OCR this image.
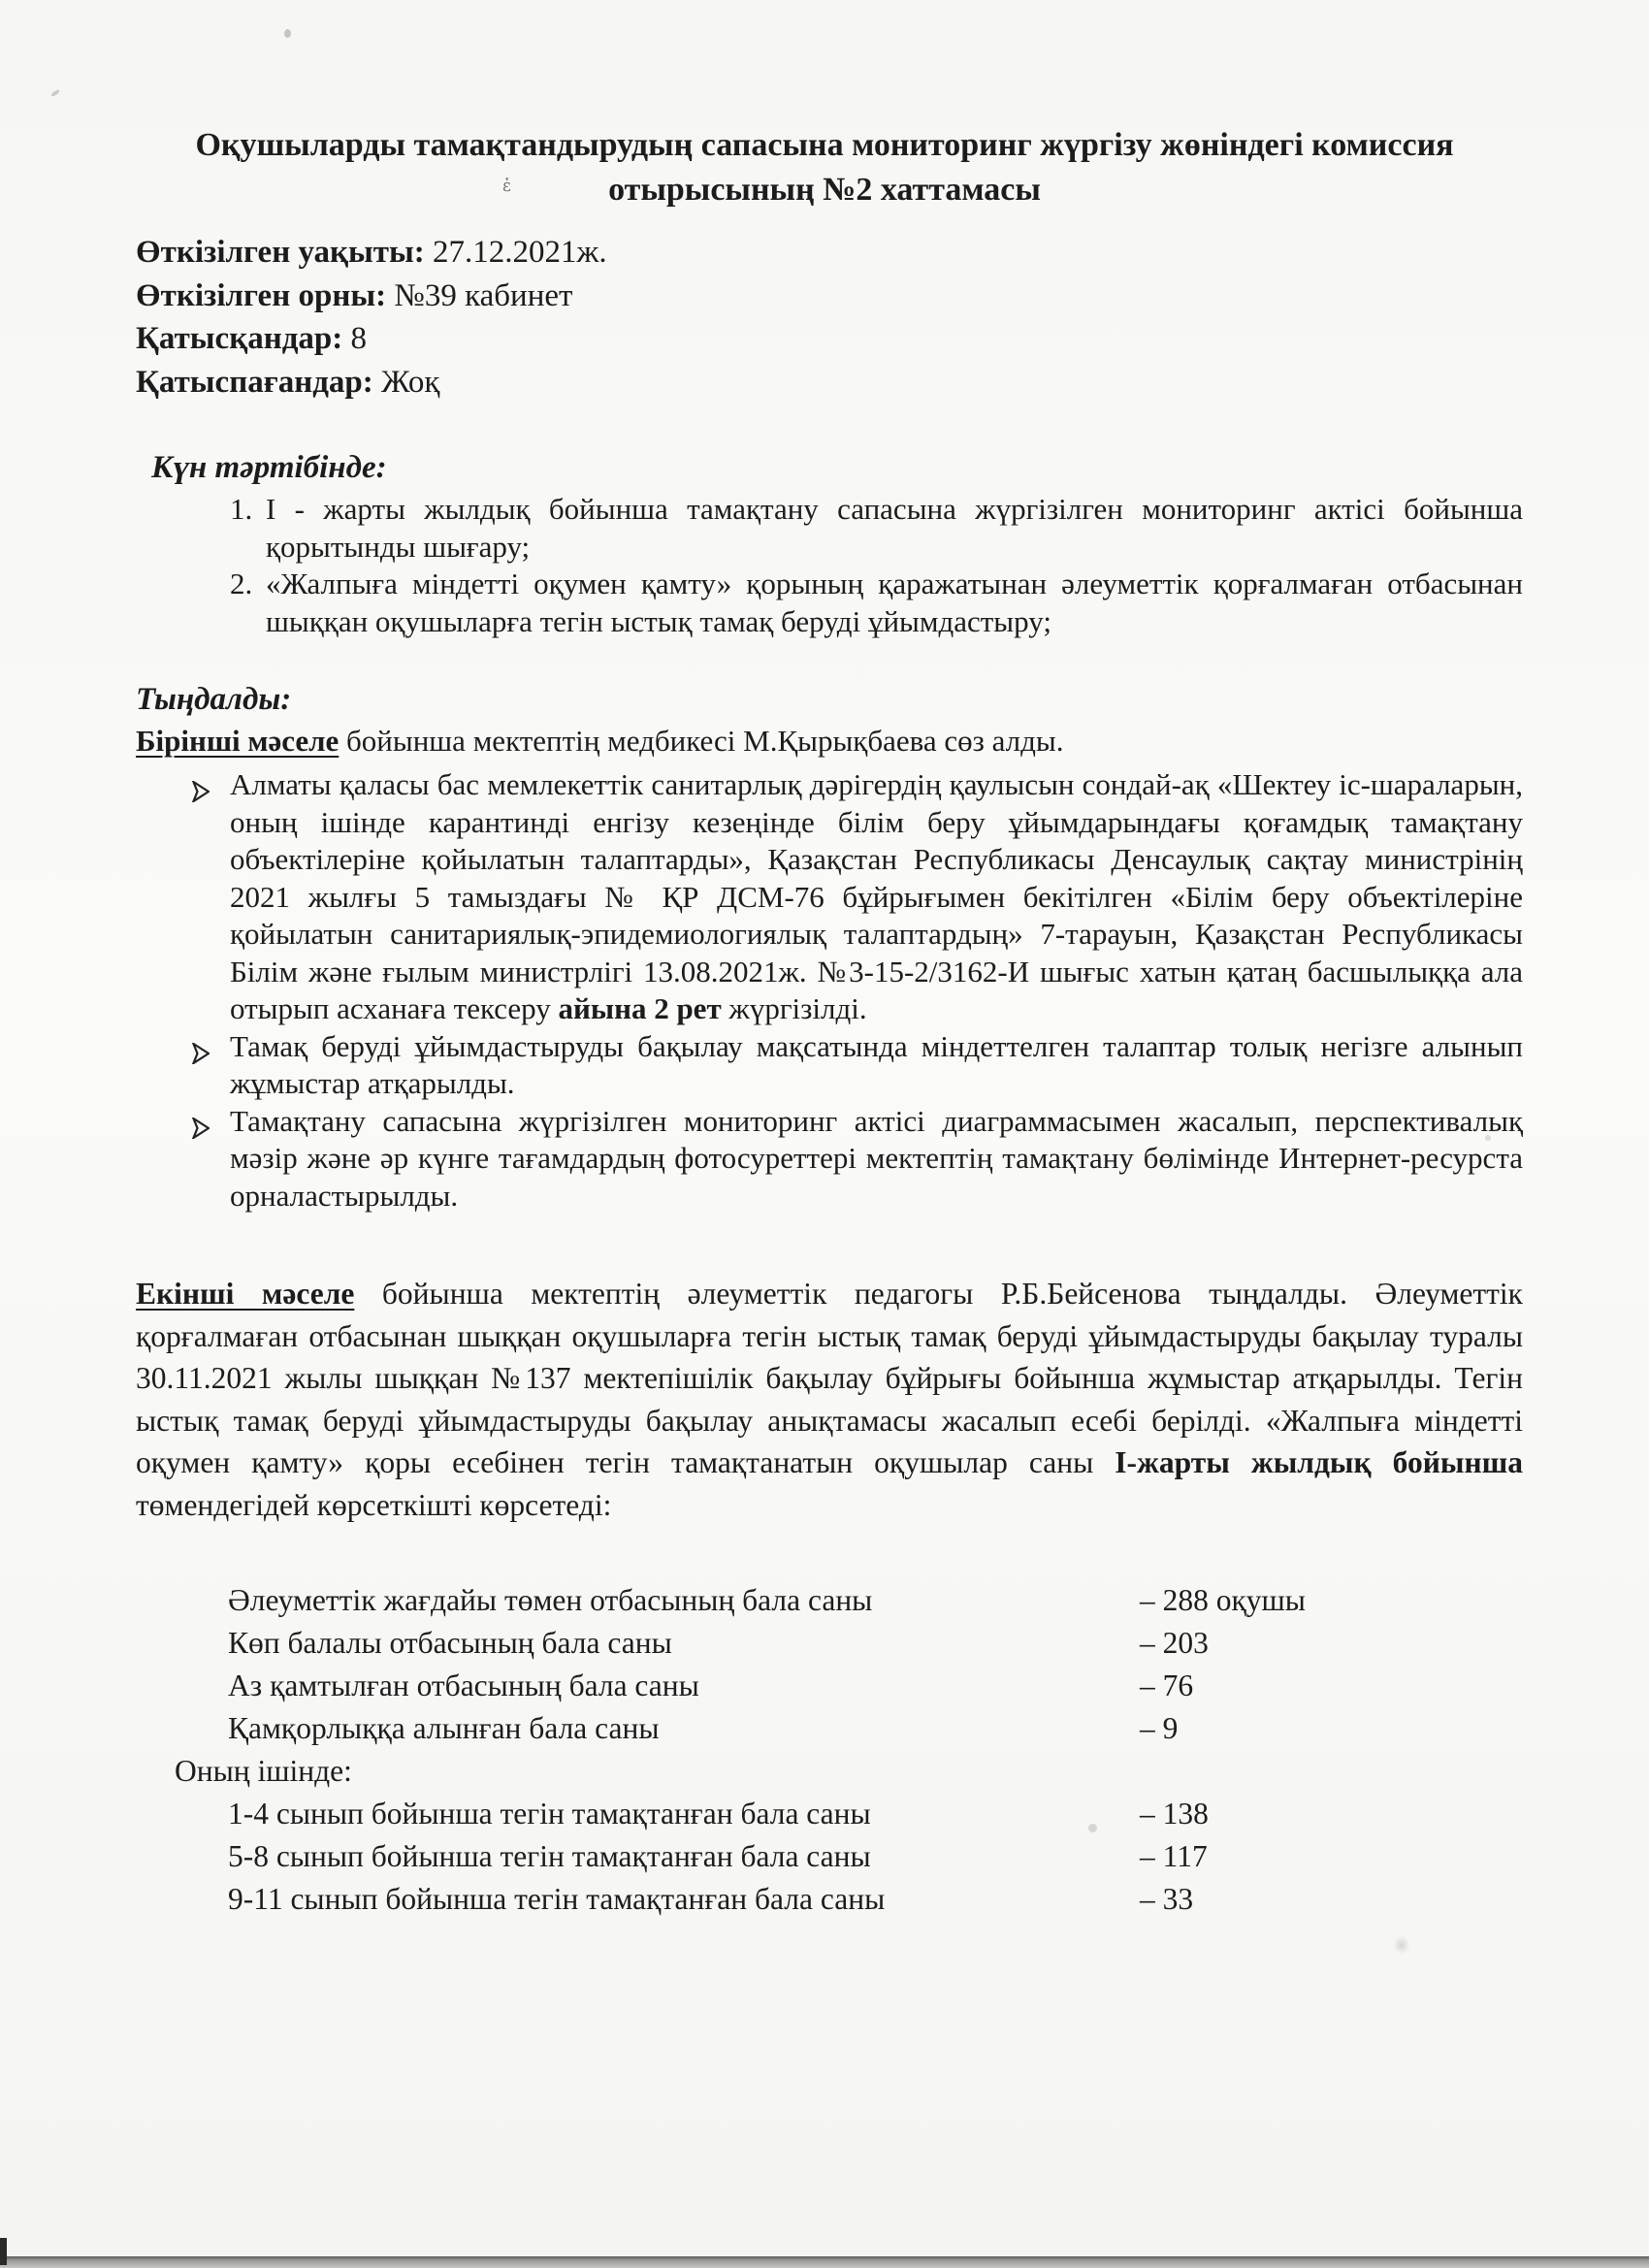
Оқушыларды тамақтандырудың сапасына мониторинг жүргізу жөніндегі комиссия
отырысының №2 хаттамасы
Өткізілген уақыты: 27.12.2021ж.
Өткізілген орны: №39 кабинет
Қатысқандар: 8
Қатыспағандар: Жоқ
Күн тәртібінде:
1. I - жарты жылдық бойынша тамақтану сапасына жүргізілген мониторинг актісі бойынша қорытынды шығару;
2. «Жалпыға міндетті оқумен қамту» қорының қаражатынан әлеуметтік қорғалмаған отбасынан шыққан оқушыларға тегін ыстық тамақ беруді ұйымдастыру;
Тыңдалды:

Бірінші мәселе бойынша мектептің медбикесі М.Қырықбаева сөз алды.

Алматы қаласы бас мемлекеттік санитарлық дәрігердің қаулысын сондай-ақ «Шектеу іс-шараларын, оның ішінде карантинді енгізу кезеңінде білім беру ұйымдарындағы қоғамдық тамақтану объектілеріне қойылатын талаптарды», Қазақстан Республикасы Денсаулық сақтау министрінің 2021 жылғы 5 тамыздағы № ҚР ДСМ-76 бұйрығымен бекітілген «Білім беру объектілеріне қойылатын санитариялық-эпидемиологиялық талаптардың» 7-тарауын, Қазақстан Республикасы Білім және ғылым министрлігі 13.08.2021ж. №3-15-2/3162-И шығыс хатын қатаң басшылыққа ала отырып асханаға тексеру айына 2 рет жүргізілді.
Тамақ беруді ұйымдастыруды бақылау мақсатында міндеттелген талаптар толық негізге алынып жұмыстар атқарылды.
Тамақтану сапасына жүргізілген мониторинг актісі диаграммасымен жасалып, перспективалық мәзір және әр күнге тағамдардың фотосуреттері мектептің тамақтану бөлімінде Интернет-ресурста орналастырылды.

Екінші мәселе бойынша мектептің әлеуметтік педагогы Р.Б.Бейсенова тыңдалды. Әлеуметтік қорғалмаған отбасынан шыққан оқушыларға тегін ыстық тамақ беруді ұйымдастыруды бақылау туралы 30.11.2021 жылы шыққан №137 мектепішілік бақылау бұйрығы бойынша жұмыстар атқарылды. Тегін ыстық тамақ беруді ұйымдастыруды бақылау анықтамасы жасалып есебі берілді. «Жалпыға міндетті оқумен қамту» қоры есебінен тегін тамақтанатын оқушылар саны I-жарты жылдық бойынша төмендегідей көрсеткішті көрсетеді:

Әлеуметтік жағдайы төмен отбасының бала саны	– 288 оқушы
Көп балалы отбасының бала саны	– 203
Аз қамтылған отбасының бала саны	– 76
Қамқорлыққа алынған бала саны	– 9
Оның ішінде:
1-4 сынып бойынша тегін тамақтанған бала саны	– 138
5-8 сынып бойынша тегін тамақтанған бала саны	– 117
9-11 сынып бойынша тегін тамақтанған бала саны	– 33
ἐ
